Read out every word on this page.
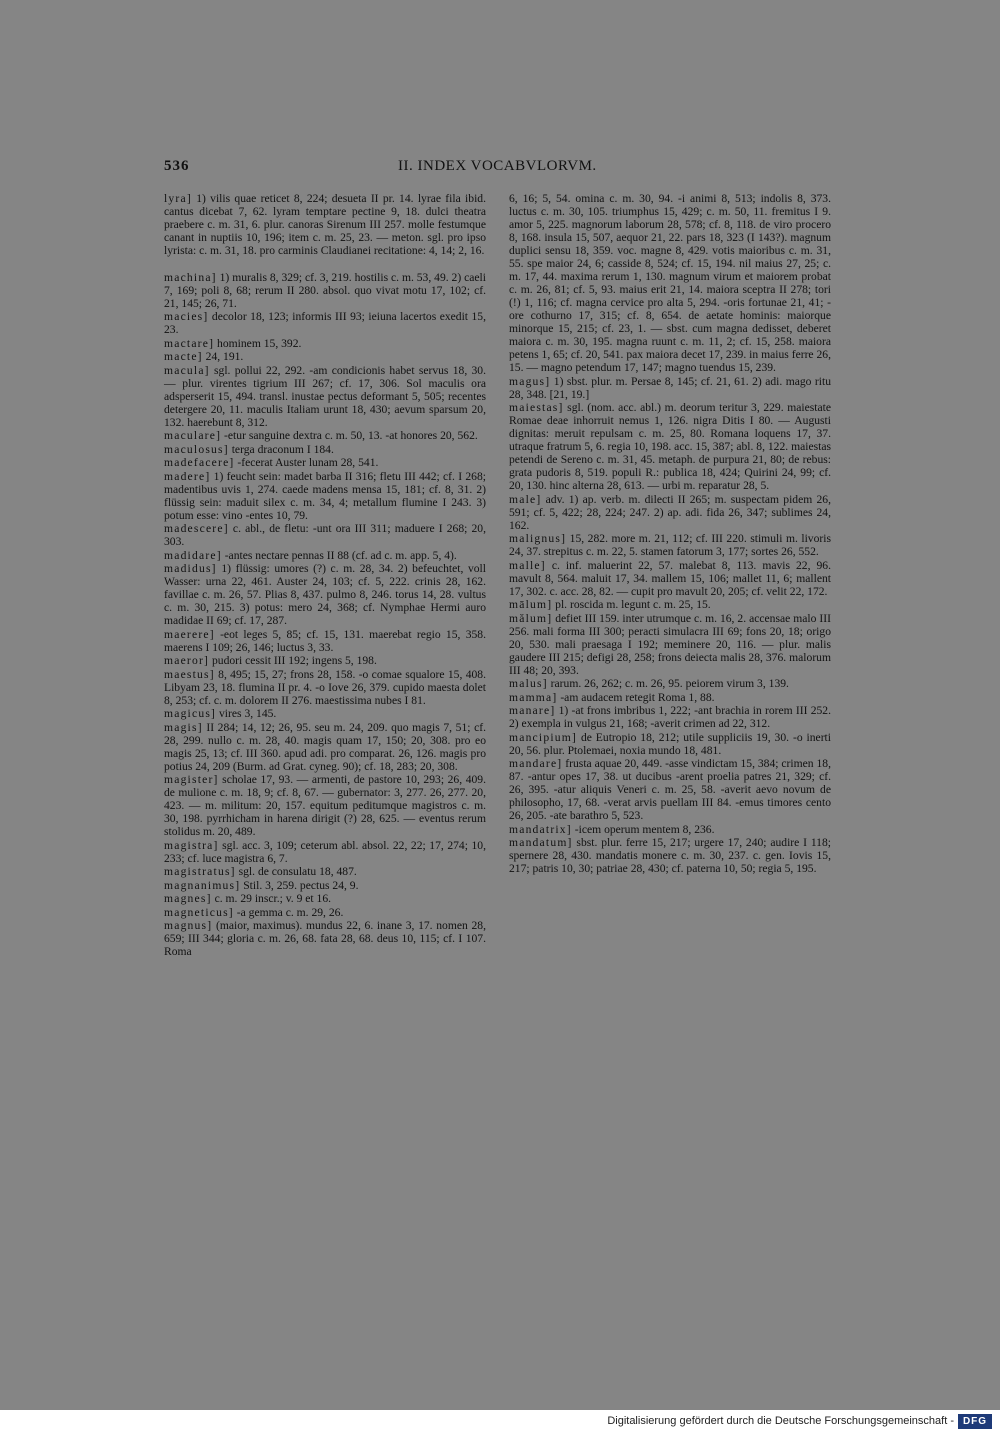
536	II. INDEX VOCABVLORVM.
lyra] 1) vilis quae reticet 8, 224; desueta II pr. 14. lyrae fila ibid. cantus dicebat 7, 62. lyram temptare pectine 9, 18. dulci theatra praebere c. m. 31, 6. plur. canoras Sirenum III 257. molle festumque canant in nuptiis 10, 196; item c. m. 25, 23. — meton. sgl. pro ipso lyrista: c. m. 31, 18. pro carminis Claudianei recitatione: 4, 14; 2, 16.
machina] 1) muralis 8, 329; cf. 3, 219. hostilis c. m. 53, 49. 2) caeli 7, 169; poli 8, 68; rerum II 280. absol. quo vivat motu 17, 102; cf. 21, 145; 26, 71.
macies] decolor 18, 123; informis III 93; ieiuna lacertos exedit 15, 23.
mactare] hominem 15, 392.
macte] 24, 191.
macula] sgl. pollui 22, 292. -am condicionis habet servus 18, 30. — plur. virentes tigrium III 267; cf. 17, 306. Sol maculis ora adsperserit 15, 494. transl. inustae pectus deformant 5, 505; recentes detergere 20, 11. maculis Italiam urunt 18, 430; aevum sparsum 20, 132. haerebunt 8, 312.
maculare] -etur sanguine dextra c. m. 50, 13. -at honores 20, 562.
maculosus] terga draconum I 184.
madefacere] -fecerat Auster lunam 28, 541.
madere] 1) feucht sein: madet barba II 316; fletu III 442; cf. I 268; madentibus uvis 1, 274. caede madens mensa 15, 181; cf. 8, 31. 2) flüssig sein: maduit silex c. m. 34, 4; metallum flumine I 243. 3) potum esse: vino -entes 10, 79.
madescere] c. abl., de fletu: -unt ora III 311; maduere I 268; 20, 303.
madidare] -antes nectare pennas II 88 (cf. ad c. m. app. 5, 4).
madidus] 1) flüssig: umores (?) c. m. 28, 34. 2) befeuchtet, voll Wasser: urna 22, 461. Auster 24, 103; cf. 5, 222. crinis 28, 162. favillae c. m. 26, 57. Plias 8, 437. pulmo 8, 246. torus 14, 28. vultus c. m. 30, 215. 3) potus: mero 24, 368; cf. Nymphae Hermi auro madidae II 69; cf. 17, 287.
maerere] -eot leges 5, 85; cf. 15, 131. maerebat regio 15, 358. maerens I 109; 26, 146; luctus 3, 33.
maeror] pudori cessit III 192; ingens 5, 198.
maestus] 8, 495; 15, 27; frons 28, 158. -o comae squalore 15, 408. Libyam 23, 18. flumina II pr. 4. -o Iove 26, 379. cupido maesta dolet 8, 253; cf. c. m. dolorem II 276. maestissima nubes I 81.
magicus] vires 3, 145.
magis] II 284; 14, 12; 26, 95. seu m. 24, 209. quo magis 7, 51; cf. 28, 299. nullo c. m. 28, 40. magis quam 17, 150; 20, 308. pro eo magis 25, 13; cf. III 360. apud adi. pro comparat. 26, 126. magis pro potius 24, 209 (Burm. ad Grat. cyneg. 90); cf. 18, 283; 20, 308.
magister] scholae 17, 93. — armenti, de pastore 10, 293; 26, 409. de mulione c. m. 18, 9; cf. 8, 67. — gubernator: 3, 277. 26, 277. 20, 423. — m. militum: 20, 157. equitum peditumque magistros c. m. 30, 198. pyrrhicham in harena dirigit (?) 28, 625. — eventus rerum stolidus m. 20, 489.
magistra] sgl. acc. 3, 109; ceterum abl. absol. 22, 22; 17, 274; 10, 233; cf. luce magistra 6, 7.
magistratus] sgl. de consulatu 18, 487.
magnanimus] Stil. 3, 259. pectus 24, 9.
magnes] c. m. 29 inscr.; v. 9 et 16.
magneticus] -a gemma c. m. 29, 26.
magnus] (maior, maximus). mundus 22, 6. inane 3, 17. nomen 28, 659; III 344; gloria c. m. 26, 68. fata 28, 68. deus 10, 115; cf. I 107. Roma
6, 16; 5, 54. omina c. m. 30, 94. -i animi 8, 513; indolis 8, 373. luctus c. m. 30, 105. triumphus 15, 429; c. m. 50, 11. fremitus I 9. amor 5, 225. magnorum laborum 28, 578; cf. 8, 118. de viro procero 8, 168. insula 15, 507, aequor 21, 22. pars 18, 323 (I 143?). magnum duplici sensu 18, 359. voc. magne 8, 429. votis maioribus c. m. 31, 55. spe maior 24, 6; casside 8, 524; cf. 15, 194. nil maius 27, 25; c. m. 17, 44. maxima rerum 1, 130. magnum virum et maiorem probat c. m. 26, 81; cf. 5, 93. maius erit 21, 14. maiora sceptra II 278; tori (!) 1, 116; cf. magna cervice pro alta 5, 294. -oris fortunae 21, 41; -ore cothurno 17, 315; cf. 8, 654. de aetate hominis: maiorque minorque 15, 215; cf. 23, 1. — sbst. cum magna dedisset, deberet maiora c. m. 30, 195. magna ruunt c. m. 11, 2; cf. 15, 258. maiora petens 1, 65; cf. 20, 541. pax maiora decet 17, 239. in maius ferre 26, 15. — magno petendum 17, 147; magno tuendus 15, 239.
magus] 1) sbst. plur. m. Persae 8, 145; cf. 21, 61. 2) adi. mago ritu 28, 348. [21, 19.]
maiestas] sgl. (nom. acc. abl.) m. deorum teritur 3, 229. maiestate Romae deae inhorruit nemus 1, 126. nigra Ditis I 80. — Augusti dignitas: meruit repulsam c. m. 25, 80. Romana loquens 17, 37. utraque fratrum 5, 6. regia 10, 198. acc. 15, 387; abl. 8, 122. maiestas petendi de Sereno c. m. 31, 45. metaph. de purpura 21, 80; de rebus: grata pudoris 8, 519. populi R.: publica 18, 424; Quirini 24, 99; cf. 20, 130. hinc alterna 28, 613. — urbi m. reparatur 28, 5.
male] adv. 1) ap. verb. m. dilecti II 265; m. suspectam pidem 26, 591; cf. 5, 422; 28, 224; 247. 2) ap. adi. fida 26, 347; sublimes 24, 162.
malignus] 15, 282. more m. 21, 112; cf. III 220. stimuli m. livoris 24, 37. strepitus c. m. 22, 5. stamen fatorum 3, 177; sortes 26, 552.
malle] c. inf. maluerint 22, 57. malebat 8, 113. mavis 22, 96. mavult 8, 564. maluit 17, 34. mallem 15, 106; mallet 11, 6; mallent 17, 302. c. acc. 28, 82. — cupit pro mavult 20, 205; cf. velit 22, 172.
mālum] pl. roscida m. legunt c. m. 25, 15.
mălum] defiet III 159. inter utrumque c. m. 16, 2. accensae malo III 256. mali forma III 300; peracti simulacra III 69; fons 20, 18; origo 20, 530. mali praesaga I 192; meminere 20, 116. — plur. malis gaudere III 215; defigi 28, 258; frons deiecta malis 28, 376. malorum III 48; 20, 393.
malus] rarum. 26, 262; c. m. 26, 95. peiorem virum 3, 139.
mamma] -am audacem retegit Roma 1, 88.
manare] 1) -at frons imbribus 1, 222; -ant brachia in rorem III 252. 2) exempla in vulgus 21, 168; -averit crimen ad 22, 312.
mancipium] de Eutropio 18, 212; utile suppliciis 19, 30. -o inerti 20, 56. plur. Ptolemaei, noxia mundo 18, 481.
mandare] frusta aquae 20, 449. -asse vindictam 15, 384; crimen 18, 87. -antur opes 17, 38. ut ducibus -arent proelia patres 21, 329; cf. 26, 395. -atur aliquis Veneri c. m. 25, 58. -averit aevo novum de philosopho, 17, 68. -verat arvis puellam III 84. -emus timores cento 26, 205. -ate barathro 5, 523.
mandatrix] -icem operum mentem 8, 236.
mandatum] sbst. plur. ferre 15, 217; urgere 17, 240; audire I 118; spernere 28, 430. mandatis monere c. m. 30, 237. c. gen. Iovis 15, 217; patris 10, 30; patriae 28, 430; cf. paterna 10, 50; regia 5, 195.
Digitalisierung gefördert durch die Deutsche Forschungsgemeinschaft - DFG
